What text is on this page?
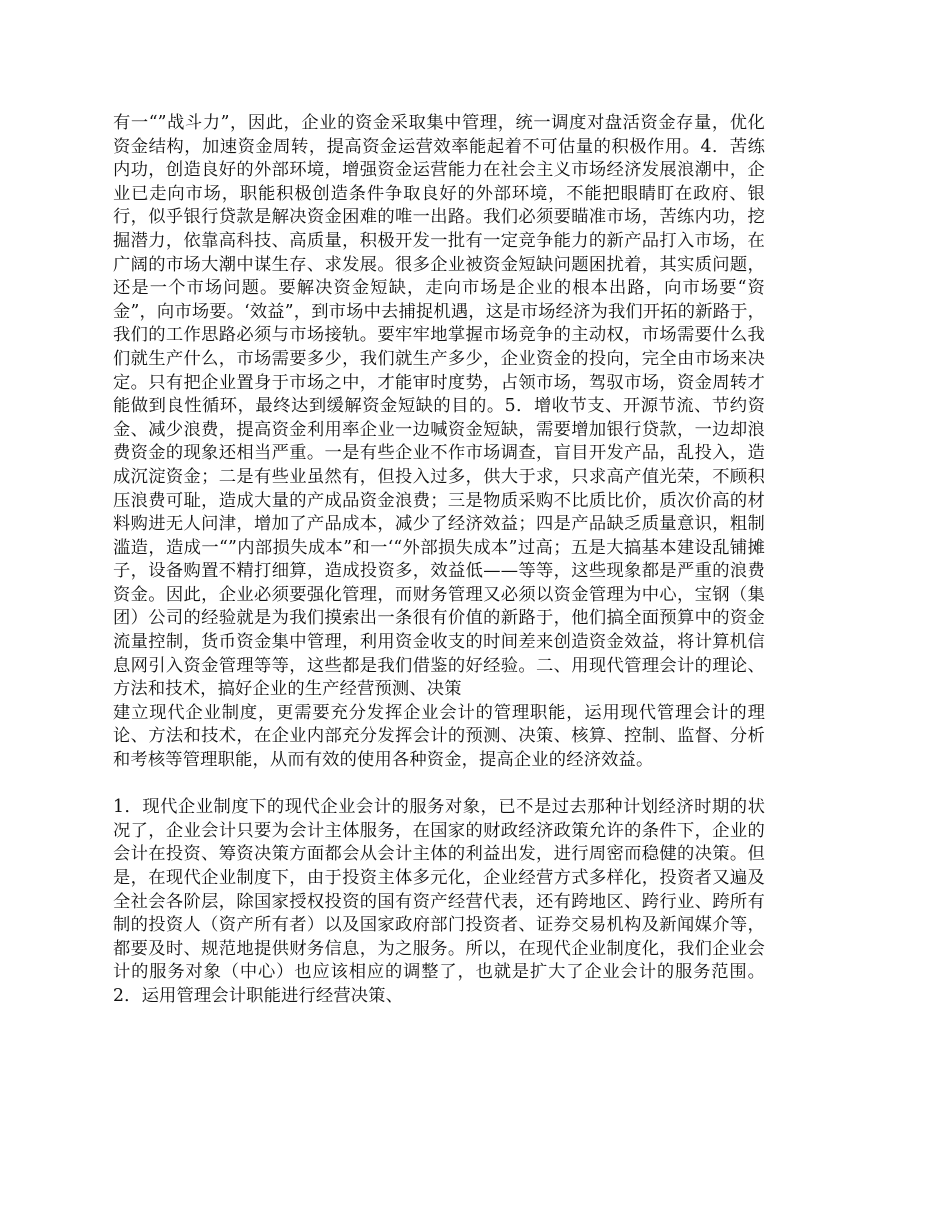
有一“”战斗力”，因此，企业的资金采取集中管理，统一调度对盘活资金存量，优化资金结构，加速资金周转，提高资金运营效率能起着不可估量的积极作用。4．苦练内功，创造良好的外部环境，增强资金运营能力在社会主义市场经济发展浪潮中，企业已走向市场，职能积极创造条件争取良好的外部环境，不能把眼睛盯在政府、银行，似乎银行贷款是解决资金困难的唯一出路。我们必须要瞄准市场，苦练内功，挖掘潜力，依靠高科技、高质量，积极开发一批有一定竞争能力的新产品打入市场，在广阔的市场大潮中谋生存、求发展。很多企业被资金短缺问题困扰着，其实质问题，还是一个市场问题。要解决资金短缺，走向市场是企业的根本出路，向市场要“资金”，向市场要。‘效益”，到市场中去捕捉机遇，这是市场经济为我们开拓的新路于，我们的工作思路必须与市场接轨。要牢牢地掌握市场竞争的主动权，市场需要什么我们就生产什么，市场需要多少，我们就生产多少，企业资金的投向，完全由市场来决定。只有把企业置身于市场之中，才能审时度势，占领市场，驾驭市场，资金周转才能做到良性循环，最终达到缓解资金短缺的目的。5．增收节支、开源节流、节约资金、减少浪费，提高资金利用率企业一边喊资金短缺，需要增加银行贷款，一边却浪费资金的现象还相当严重。一是有些企业不作市场调查，盲目开发产品，乱投入，造成沉淀资金；二是有些业虽然有，但投入过多，供大于求，只求高产值光荣，不顾积压浪费可耻，造成大量的产成品资金浪费；三是物质采购不比质比价，质次价高的材料购进无人问津，增加了产品成本，减少了经济效益；四是产品缺乏质量意识，粗制滥造，造成一“”内部损失成本”和一‘“外部损失成本”过高；五是大搞基本建设乱铺摊子，设备购置不精打细算，造成投资多，效益低——等等，这些现象都是严重的浪费资金。因此，企业必须要强化管理，而财务管理又必须以资金管理为中心，宝钢（集团）公司的经验就是为我们摸索出一条很有价值的新路于，他们搞全面预算中的资金流量控制，货币资金集中管理，利用资金收支的时间差来创造资金效益，将计算机信息网引入资金管理等等，这些都是我们借鉴的好经验。二、用现代管理会计的理论、方法和技术，搞好企业的生产经营预测、决策

建立现代企业制度，更需要充分发挥企业会计的管理职能，运用现代管理会计的理论、方法和技术，在企业内部充分发挥会计的预测、决策、核算、控制、监督、分析和考核等管理职能，从而有效的使用各种资金，提高企业的经济效益。

1．现代企业制度下的现代企业会计的服务对象，已不是过去那种计划经济时期的状况了，企业会计只要为会计主体服务，在国家的财政经济政策允许的条件下，企业的会计在投资、筹资决策方面都会从会计主体的利益出发，进行周密而稳健的决策。但是，在现代企业制度下，由于投资主体多元化，企业经营方式多样化，投资者又遍及全社会各阶层，除国家授权投资的国有资产经营代表，还有跨地区、跨行业、跨所有制的投资人（资产所有者）以及国家政府部门投资者、证券交易机构及新闻媒介等，都要及时、规范地提供财务信息，为之服务。所以，在现代企业制度化，我们企业会计的服务对象（中心）也应该相应的调整了，也就是扩大了企业会计的服务范围。2．运用管理会计职能进行经营决策、
